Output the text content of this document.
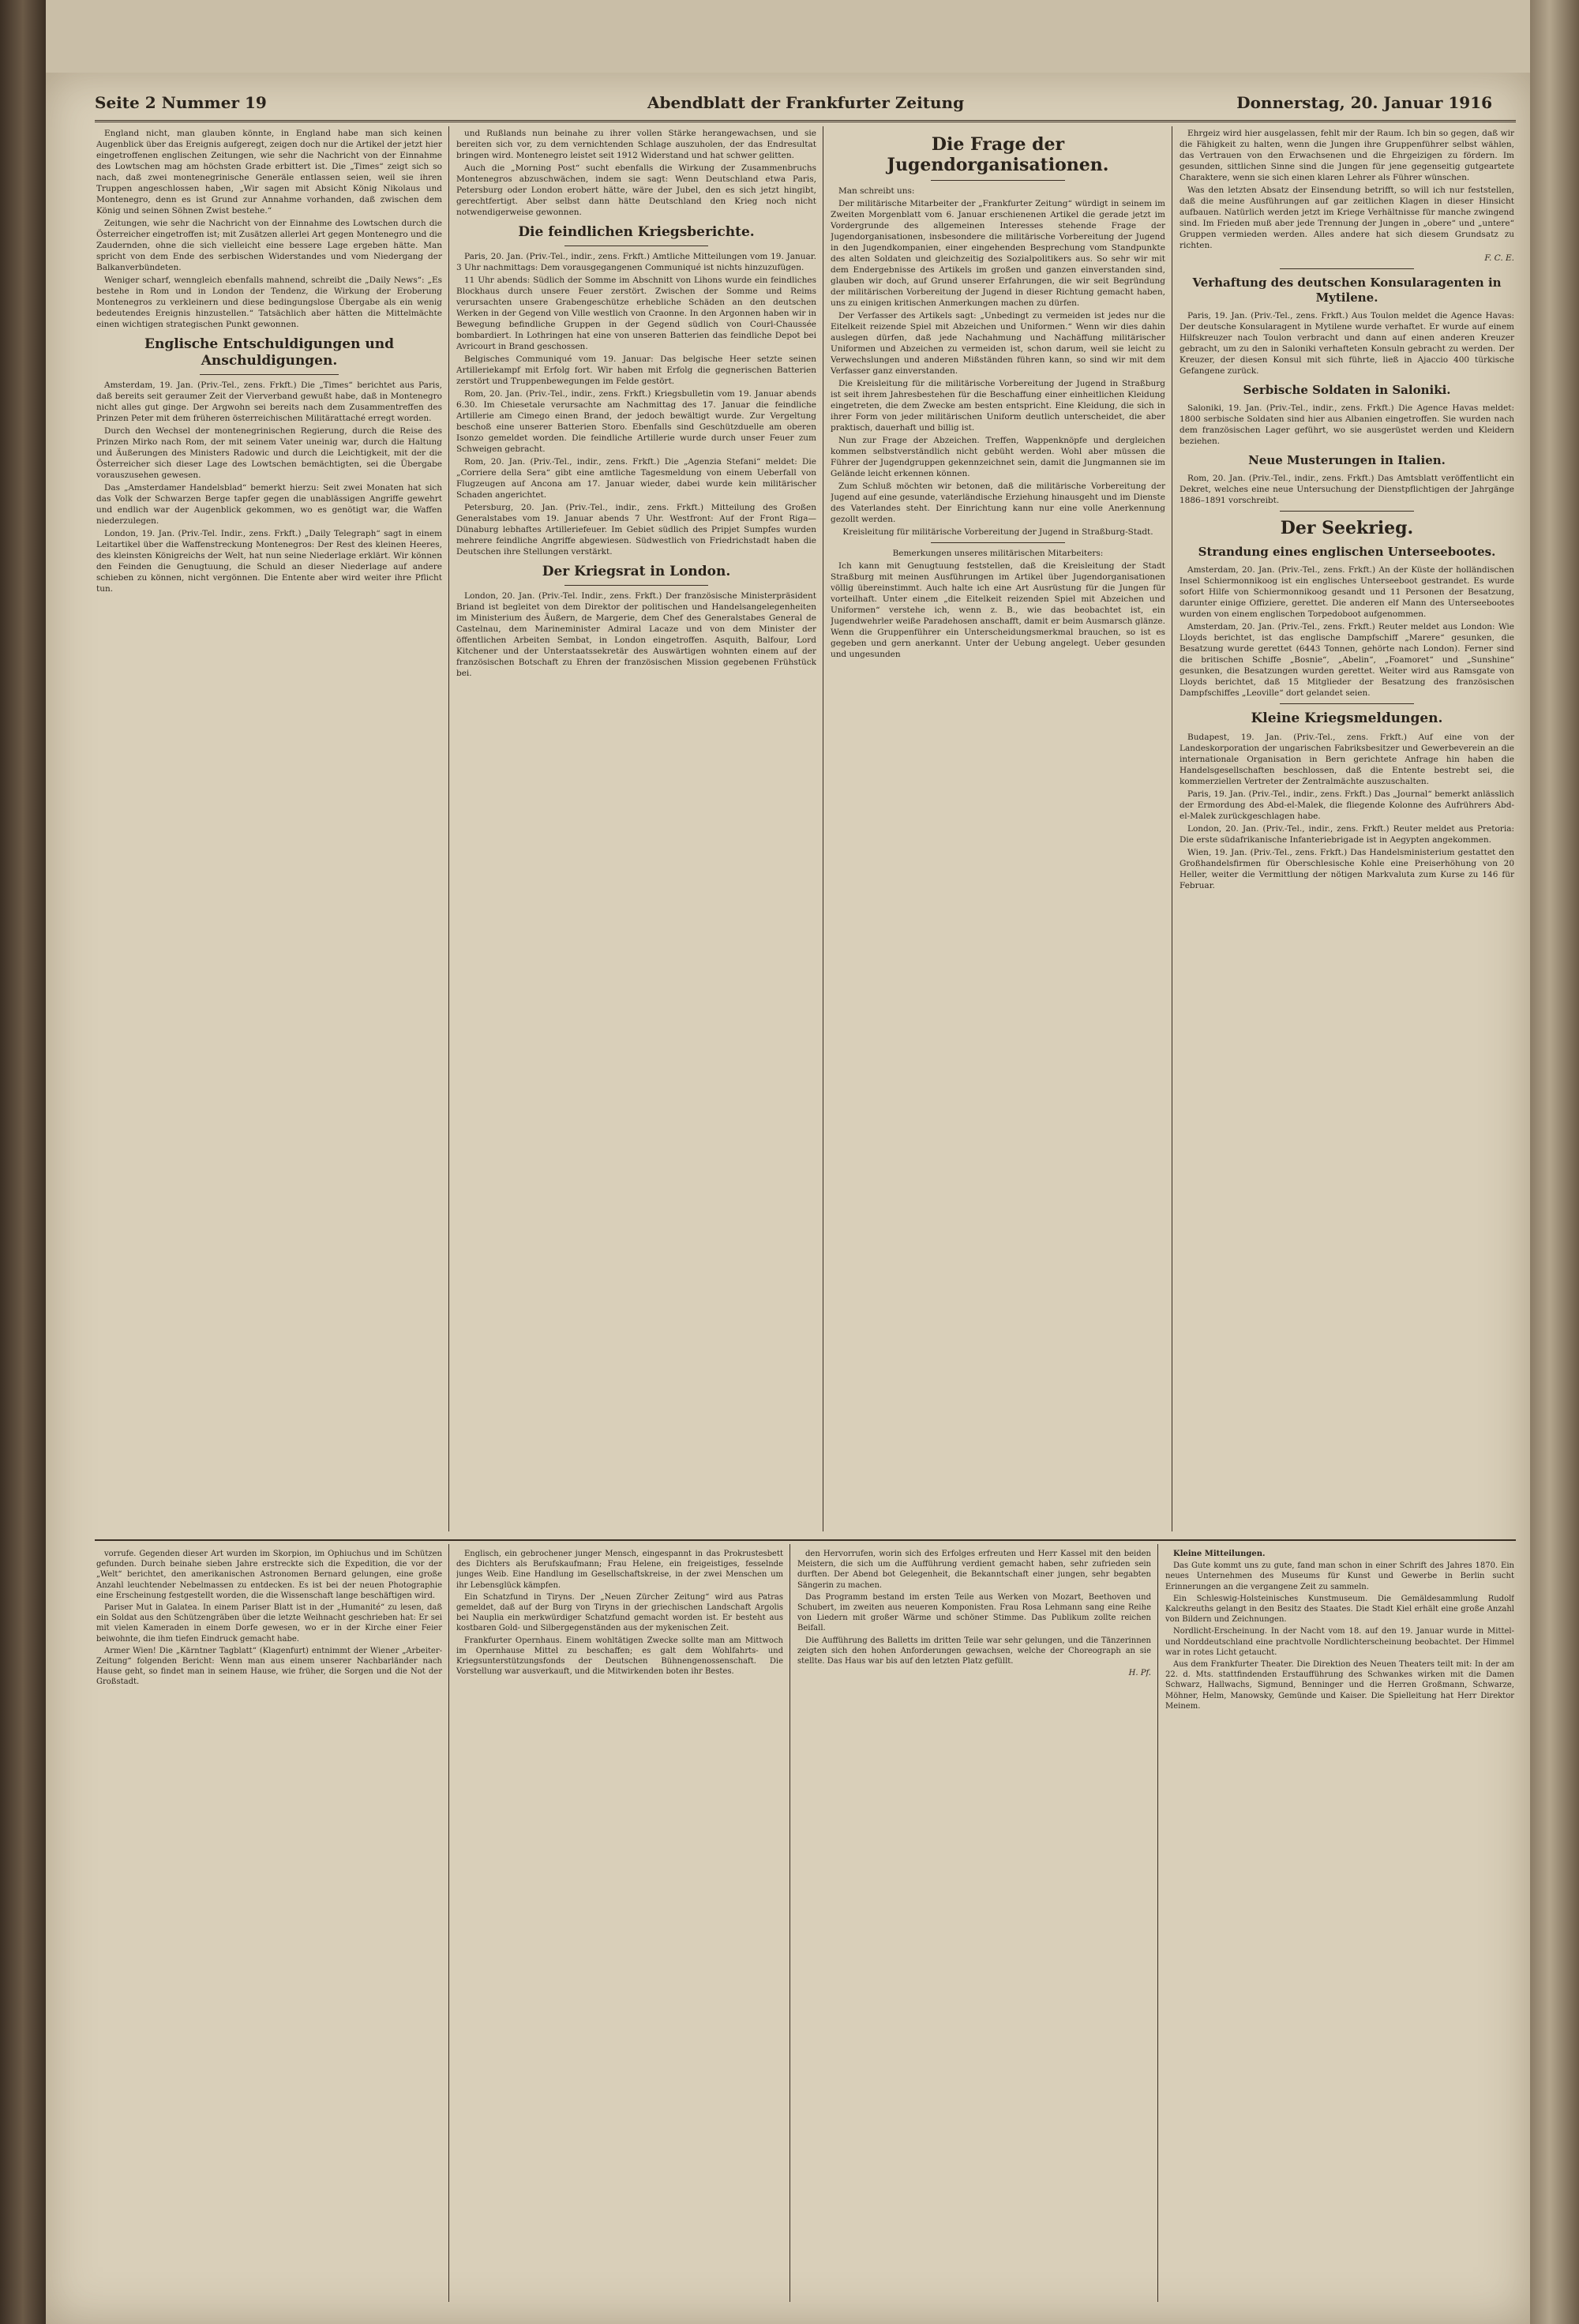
Seite 2 Nummer 19	Abendblatt der Frankfurter Zeitung	Donnerstag, 20. Januar 1916

England nicht, man glauben könnte, in England habe man sich keinen Augenblick über das Ereignis aufgeregt, zeigen doch nur die Artikel der jetzt hier eingetroffenen englischen Zeitungen, wie sehr die Nachricht von der Einnahme des Lowtschen mag am höchsten Grade erbittert ist. Die „Times“ zeigt sich so nach, daß zwei montenegrinische Generäle entlassen seien, weil sie ihren Truppen angeschlossen haben, „Wir sagen mit Absicht König Nikolaus und Montenegro, denn es ist Grund zur Annahme vorhanden, daß zwischen dem König und seinen Söhnen Zwist bestehe.“

Zeitungen, wie sehr die Nachricht von der Einnahme des Lowtschen durch die Österreicher eingetroffen ist; mit Zusätzen allerlei Art gegen Montenegro und die Zaudernden, ohne die sich vielleicht eine bessere Lage ergeben hätte. Man spricht von dem Ende des serbischen Widerstandes und vom Niedergang der Balkanverbündeten.

Weniger scharf, wenngleich ebenfalls mahnend, schreibt die „Daily News“: „Es bestehe in Rom und in London der Tendenz, die Wirkung der Eroberung Montenegros zu verkleinern und diese bedingungslose Übergabe als ein wenig bedeutendes Ereignis hinzustellen.“ Tatsächlich aber hätten die Mittelmächte einen wichtigen strategischen Punkt gewonnen.

Englische Entschuldigungen und Anschuldigungen.

Amsterdam, 19. Jan. (Priv.-Tel., zens. Frkft.) Die „Times“ berichtet aus Paris, daß bereits seit geraumer Zeit der Vierverband gewußt habe, daß in Montenegro nicht alles gut ginge. Der Argwohn sei bereits nach dem Zusammentreffen des Prinzen Peter mit dem früheren österreichischen Militärattaché erregt worden.

Durch den Wechsel der montenegrinischen Regierung, durch die Reise des Prinzen Mirko nach Rom, der mit seinem Vater uneinig war, durch die Haltung und Äußerungen des Ministers Radowic und durch die Leichtigkeit, mit der die Österreicher sich dieser Lage des Lowtschen bemächtigten, sei die Übergabe vorauszusehen gewesen.

Das „Amsterdamer Handelsblad“ bemerkt hierzu: Seit zwei Monaten hat sich das Volk der Schwarzen Berge tapfer gegen die unablässigen Angriffe gewehrt und endlich war der Augenblick gekommen, wo es genötigt war, die Waffen niederzulegen.

London, 19. Jan. (Priv.-Tel. Indir., zens. Frkft.) „Daily Telegraph“ sagt in einem Leitartikel über die Waffenstreckung Montenegros: Der Rest des kleinen Heeres, des kleinsten Königreichs der Welt, hat nun seine Niederlage erklärt. Wir können den Feinden die Genugtuung, die Schuld an dieser Niederlage auf andere schieben zu können, nicht vergönnen. Die Entente aber wird weiter ihre Pflicht tun.

und Rußlands nun beinahe zu ihrer vollen Stärke herangewachsen, und sie bereiten sich vor, zu dem vernichtenden Schlage auszuholen, der das Endresultat bringen wird. Montenegro leistet seit 1912 Widerstand und hat schwer gelitten.

Auch die „Morning Post“ sucht ebenfalls die Wirkung der Zusammenbruchs Montenegros abzuschwächen, indem sie sagt: Wenn Deutschland etwa Paris, Petersburg oder London erobert hätte, wäre der Jubel, den es sich jetzt hingibt, gerechtfertigt. Aber selbst dann hätte Deutschland den Krieg noch nicht notwendigerweise gewonnen.

Die feindlichen Kriegsberichte.

Paris, 20. Jan. (Priv.-Tel., indir., zens. Frkft.) Amtliche Mitteilungen vom 19. Januar. 3 Uhr nachmittags: Dem vorausgegangenen Communiqué ist nichts hinzuzufügen.

11 Uhr abends: Südlich der Somme im Abschnitt von Lihons wurde ein feindliches Blockhaus durch unsere Feuer zerstört. Zwischen der Somme und Reims verursachten unsere Grabengeschütze erhebliche Schäden an den deutschen Werken in der Gegend von Ville westlich von Craonne. In den Argonnen haben wir in Bewegung befindliche Gruppen in der Gegend südlich von Courl-Chaussée bombardiert. In Lothringen hat eine von unseren Batterien das feindliche Depot bei Avricourt in Brand geschossen.

Belgisches Communiqué vom 19. Januar: Das belgische Heer setzte seinen Artilleriekampf mit Erfolg fort. Wir haben mit Erfolg die gegnerischen Batterien zerstört und Truppenbewegungen im Felde gestört.

Rom, 20. Jan. (Priv.-Tel., indir., zens. Frkft.) Kriegsbulletin vom 19. Januar abends 6.30. Im Chiesetale verursachte am Nachmittag des 17. Januar die feindliche Artillerie am Cimego einen Brand, der jedoch bewältigt wurde. Zur Vergeltung beschoß eine unserer Batterien Storo. Ebenfalls sind Geschützduelle am oberen Isonzo gemeldet worden. Die feindliche Artillerie wurde durch unser Feuer zum Schweigen gebracht.

Rom, 20. Jan. (Priv.-Tel., indir., zens. Frkft.) Die „Agenzia Stefani“ meldet: Die „Corriere della Sera“ gibt eine amtliche Tagesmeldung von einem Ueberfall von Flugzeugen auf Ancona am 17. Januar wieder, dabei wurde kein militärischer Schaden angerichtet.

Petersburg, 20. Jan. (Priv.-Tel., indir., zens. Frkft.) Mitteilung des Großen Generalstabes vom 19. Januar abends 7 Uhr. Westfront: Auf der Front Riga—Dünaburg lebhaftes Artilleriefeuer. Im Gebiet südlich des Pripjet Sumpfes wurden mehrere feindliche Angriffe abgewiesen. Südwestlich von Friedrichstadt haben die Deutschen ihre Stellungen verstärkt.

Der Kriegsrat in London.

London, 20. Jan. (Priv.-Tel. Indir., zens. Frkft.) Der französische Ministerpräsident Briand ist begleitet von dem Direktor der politischen und Handelsangelegenheiten im Ministerium des Äußern, de Margerie, dem Chef des Generalstabes General de Castelnau, dem Marineminister Admiral Lacaze und von dem Minister der öffentlichen Arbeiten Sembat, in London eingetroffen. Asquith, Balfour, Lord Kitchener und der Unterstaatssekretär des Auswärtigen wohnten einem auf der französischen Botschaft zu Ehren der französischen Mission gegebenen Frühstück bei.

Die Frage der Jugendorganisationen.

Man schreibt uns:

Der militärische Mitarbeiter der „Frankfurter Zeitung“ würdigt in seinem im Zweiten Morgenblatt vom 6. Januar erschienenen Artikel die gerade jetzt im Vordergrunde des allgemeinen Interesses stehende Frage der Jugendorganisationen, insbesondere die militärische Vorbereitung der Jugend in den Jugendkompanien, einer eingehenden Besprechung vom Standpunkte des alten Soldaten und gleichzeitig des Sozialpolitikers aus. So sehr wir mit dem Endergebnisse des Artikels im großen und ganzen einverstanden sind, glauben wir doch, auf Grund unserer Erfahrungen, die wir seit Begründung der militärischen Vorbereitung der Jugend in dieser Richtung gemacht haben, uns zu einigen kritischen Anmerkungen machen zu dürfen.

Der Verfasser des Artikels sagt: „Unbedingt zu vermeiden ist jedes nur die Eitelkeit reizende Spiel mit Abzeichen und Uniformen.“ Wenn wir dies dahin auslegen dürfen, daß jede Nachahmung und Nachäffung militärischer Uniformen und Abzeichen zu vermeiden ist, schon darum, weil sie leicht zu Verwechslungen und anderen Mißständen führen kann, so sind wir mit dem Verfasser ganz einverstanden.

Die Kreisleitung für die militärische Vorbereitung der Jugend in Straßburg ist seit ihrem Jahresbestehen für die Beschaffung einer einheitlichen Kleidung eingetreten, die dem Zwecke am besten entspricht. Eine Kleidung, die sich in ihrer Form von jeder militärischen Uniform deutlich unterscheidet, die aber praktisch, dauerhaft und billig ist.

Nun zur Frage der Abzeichen. Treffen, Wappenknöpfe und dergleichen kommen selbstverständlich nicht gebüht werden. Wohl aber müssen die Führer der Jugendgruppen gekennzeichnet sein, damit die Jungmannen sie im Gelände leicht erkennen können.

Zum Schluß möchten wir betonen, daß die militärische Vorbereitung der Jugend auf eine gesunde, vaterländische Erziehung hinausgeht und im Dienste des Vaterlandes steht. Der Einrichtung kann nur eine volle Anerkennung gezollt werden.

Kreisleitung für militärische Vorbereitung der Jugend in Straßburg-Stadt.

Bemerkungen unseres militärischen Mitarbeiters:

Ich kann mit Genugtuung feststellen, daß die Kreisleitung der Stadt Straßburg mit meinen Ausführungen im Artikel über Jugendorganisationen völlig übereinstimmt. Auch halte ich eine Art Ausrüstung für die Jungen für vorteilhaft. Unter einem „die Eitelkeit reizenden Spiel mit Abzeichen und Uniformen“ verstehe ich, wenn z. B., wie das beobachtet ist, ein Jugendwehrler weiße Paradehosen anschafft, damit er beim Ausmarsch glänze. Wenn die Gruppenführer ein Unterscheidungsmerkmal brauchen, so ist es gegeben und gern anerkannt. Unter der Uebung angelegt. Ueber gesunden und ungesunden

Ehrgeiz wird hier ausgelassen, fehlt mir der Raum. Ich bin so gegen, daß wir die Fähigkeit zu halten, wenn die Jungen ihre Gruppenführer selbst wählen, das Vertrauen von den Erwachsenen und die Ehrgeizigen zu fördern. Im gesunden, sittlichen Sinne sind die Jungen für jene gegenseitig gutgeartete Charaktere, wenn sie sich einen klaren Lehrer als Führer wünschen.

Was den letzten Absatz der Einsendung betrifft, so will ich nur feststellen, daß die meine Ausführungen auf gar zeitlichen Klagen in dieser Hinsicht aufbauen. Natürlich werden jetzt im Kriege Verhältnisse für manche zwingend sind. Im Frieden muß aber jede Trennung der Jungen in „obere“ und „untere“ Gruppen vermieden werden. Alles andere hat sich diesem Grundsatz zu richten.

F. C. E.

Verhaftung des deutschen Konsularagenten in Mytilene.

Paris, 19. Jan. (Priv.-Tel., zens. Frkft.) Aus Toulon meldet die Agence Havas: Der deutsche Konsularagent in Mytilene wurde verhaftet. Er wurde auf einem Hilfskreuzer nach Toulon verbracht und dann auf einen anderen Kreuzer gebracht, um zu den in Saloniki verhafteten Konsuln gebracht zu werden. Der Kreuzer, der diesen Konsul mit sich führte, ließ in Ajaccio 400 türkische Gefangene zurück.

Serbische Soldaten in Saloniki.

Saloniki, 19. Jan. (Priv.-Tel., indir., zens. Frkft.) Die Agence Havas meldet: 1800 serbische Soldaten sind hier aus Albanien eingetroffen. Sie wurden nach dem französischen Lager geführt, wo sie ausgerüstet werden und Kleidern beziehen.

Neue Musterungen in Italien.

Rom, 20. Jan. (Priv.-Tel., indir., zens. Frkft.) Das Amtsblatt veröffentlicht ein Dekret, welches eine neue Untersuchung der Dienstpflichtigen der Jahrgänge 1886–1891 vorschreibt.

Der Seekrieg.
Strandung eines englischen Unterseebootes.

Amsterdam, 20. Jan. (Priv.-Tel., zens. Frkft.) An der Küste der holländischen Insel Schiermonnikoog ist ein englisches Unterseeboot gestrandet. Es wurde sofort Hilfe von Schiermonnikoog gesandt und 11 Personen der Besatzung, darunter einige Offiziere, gerettet. Die anderen elf Mann des Unterseebootes wurden von einem englischen Torpedoboot aufgenommen.

Amsterdam, 20. Jan. (Priv.-Tel., zens. Frkft.) Reuter meldet aus London: Wie Lloyds berichtet, ist das englische Dampfschiff „Marere“ gesunken, die Besatzung wurde gerettet (6443 Tonnen, gehörte nach London). Ferner sind die britischen Schiffe „Bosnie“, „Abelin“, „Foamoret“ und „Sunshine“ gesunken, die Besatzungen wurden gerettet. Weiter wird aus Ramsgate von Lloyds berichtet, daß 15 Mitglieder der Besatzung des französischen Dampfschiffes „Leoville“ dort gelandet seien.

Kleine Kriegsmeldungen.

Budapest, 19. Jan. (Priv.-Tel., zens. Frkft.) Auf eine von der Landeskorporation der ungarischen Fabriksbesitzer und Gewerbeverein an die internationale Organisation in Bern gerichtete Anfrage hin haben die Handelsgesellschaften beschlossen, daß die Entente bestrebt sei, die kommerziellen Vertreter der Zentralmächte auszuschalten.

Paris, 19. Jan. (Priv.-Tel., indir., zens. Frkft.) Das „Journal“ bemerkt anlässlich der Ermordung des Abd-el-Malek, die fliegende Kolonne des Aufrührers Abd-el-Malek zurückgeschlagen habe.

London, 20. Jan. (Priv.-Tel., indir., zens. Frkft.) Reuter meldet aus Pretoria: Die erste südafrikanische Infanteriebrigade ist in Aegypten angekommen.

Wien, 19. Jan. (Priv.-Tel., zens. Frkft.) Das Handelsministerium gestattet den Großhandelsfirmen für Oberschlesische Kohle eine Preiserhöhung von 20 Heller, weiter die Vermittlung der nötigen Markvaluta zum Kurse zu 146 für Februar.

vorrufe. Gegenden dieser Art wurden im Skorpion, im Ophiuchus und im Schützen gefunden. Durch beinahe sieben Jahre erstreckte sich die Expedition, die vor der „Welt“ berichtet, den amerikanischen Astronomen Bernard gelungen, eine große Anzahl leuchtender Nebelmassen zu entdecken. Es ist bei der neuen Photographie eine Erscheinung festgestellt worden, die die Wissenschaft lange beschäftigen wird.

Pariser Mut in Galatea. In einem Pariser Blatt ist in der „Humanité“ zu lesen, daß ein Soldat aus den Schützengräben über die letzte Weihnacht geschrieben hat: Er sei mit vielen Kameraden in einem Dorfe gewesen, wo er in der Kirche einer Feier beiwohnte, die ihm tiefen Eindruck gemacht habe.

Armer Wien! Die „Kärntner Tagblatt“ (Klagenfurt) entnimmt der Wiener „Arbeiter-Zeitung“ folgenden Bericht: Wenn man aus einem unserer Nachbarländer nach Hause geht, so findet man in seinem Hause, wie früher, die Sorgen und die Not der Großstadt.

Englisch, ein gebrochener junger Mensch, eingespannt in das Prokrustesbett des Dichters als Berufskaufmann; Frau Helene, ein freigeistiges, fesselnde junges Weib. Eine Handlung im Gesellschaftskreise, in der zwei Menschen um ihr Lebensglück kämpfen.

Ein Schatzfund in Tiryns. Der „Neuen Zürcher Zeitung“ wird aus Patras gemeldet, daß auf der Burg von Tiryns in der griechischen Landschaft Argolis bei Nauplia ein merkwürdiger Schatzfund gemacht worden ist. Er besteht aus kostbaren Gold- und Silbergegenständen aus der mykenischen Zeit.

Frankfurter Opernhaus. Einem wohltätigen Zwecke sollte man am Mittwoch im Opernhause Mittel zu beschaffen; es galt dem Wohlfahrts- und Kriegsunterstützungsfonds der Deutschen Bühnengenossenschaft. Die Vorstellung war ausverkauft, und die Mitwirkenden boten ihr Bestes.

den Hervorrufen, worin sich des Erfolges erfreuten und Herr Kassel mit den beiden Meistern, die sich um die Aufführung verdient gemacht haben, sehr zufrieden sein durften. Der Abend bot Gelegenheit, die Bekanntschaft einer jungen, sehr begabten Sängerin zu machen.

Das Programm bestand im ersten Teile aus Werken von Mozart, Beethoven und Schubert, im zweiten aus neueren Komponisten. Frau Rosa Lehmann sang eine Reihe von Liedern mit großer Wärme und schöner Stimme. Das Publikum zollte reichen Beifall.

Die Aufführung des Balletts im dritten Teile war sehr gelungen, und die Tänzerinnen zeigten sich den hohen Anforderungen gewachsen, welche der Choreograph an sie stellte. Das Haus war bis auf den letzten Platz gefüllt.

H. Pf.

Kleine Mitteilungen.

Das Gute kommt uns zu gute, fand man schon in einer Schrift des Jahres 1870. Ein neues Unternehmen des Museums für Kunst und Gewerbe in Berlin sucht Erinnerungen an die vergangene Zeit zu sammeln.

Ein Schleswig-Holsteinisches Kunstmuseum. Die Gemäldesammlung Rudolf Kalckreuths gelangt in den Besitz des Staates. Die Stadt Kiel erhält eine große Anzahl von Bildern und Zeichnungen.

Nordlicht-Erscheinung. In der Nacht vom 18. auf den 19. Januar wurde in Mittel- und Norddeutschland eine prachtvolle Nordlichterscheinung beobachtet. Der Himmel war in rotes Licht getaucht.

Aus dem Frankfurter Theater. Die Direktion des Neuen Theaters teilt mit: In der am 22. d. Mts. stattfindenden Erstaufführung des Schwankes wirken mit die Damen Schwarz, Hallwachs, Sigmund, Benninger und die Herren Großmann, Schwarze, Möhner, Helm, Manowsky, Gemünde und Kaiser. Die Spielleitung hat Herr Direktor Meinem.
